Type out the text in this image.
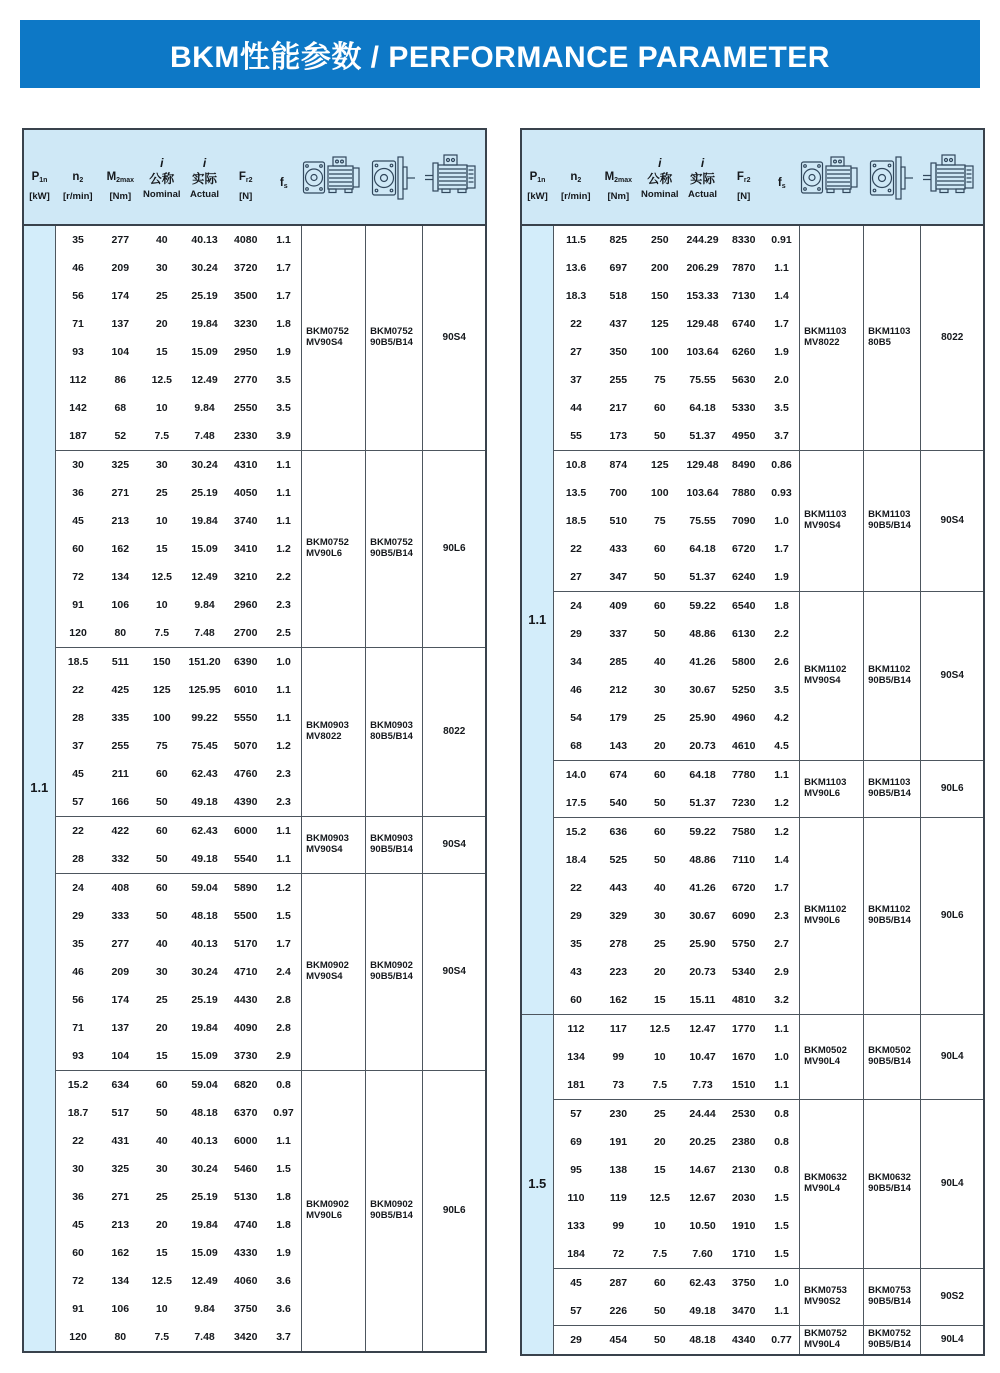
BKM性能参数 / PERFORMANCE PARAMETER
$P_{1n}$
[kW]

$n_2$
[r/min]

$M_{2max}$
[Nm]

i
公称
Nominal

i
实际
Actual

$F_{r2}$
[N]

$f_s$

1.1	35	277	40	40.13	4080	1.1	
BKM0752
MV90S4

BKM0752
90B5/B14	90S4
	46	209	30	30.24	3720	1.7			
	56	174	25	25.19	3500	1.7			
	71	137	20	19.84	3230	1.8			
	93	104	15	15.09	2950	1.9			
	112	86	12.5	12.49	2770	3.5			
	142	68	10	9.84	2550	3.5			
	187	52	7.5	7.48	2330	3.9			
30	325	30	30.24	4310	1.1	
BKM0752
MV90L6

BKM0752
90B5/B14	90L6
	36	271	25	25.19	4050	1.1			
	45	213	10	19.84	3740	1.1			
	60	162	15	15.09	3410	1.2			
	72	134	12.5	12.49	3210	2.2			
	91	106	10	9.84	2960	2.3			
	120	80	7.5	7.48	2700	2.5			
18.5	511	150	151.20	6390	1.0	
BKM0903
MV8022

BKM0903
80B5/B14	8022
	22	425	125	125.95	6010	1.1			
	28	335	100	99.22	5550	1.1			
	37	255	75	75.45	5070	1.2			
	45	211	60	62.43	4760	2.3			
	57	166	50	49.18	4390	2.3			
22	422	60	62.43	6000	1.1	
BKM0903
MV90S4

BKM0903
90B5/B14	90S4
	28	332	50	49.18	5540	1.1			
24	408	60	59.04	5890	1.2	
BKM0902
MV90S4

BKM0902
90B5/B14	90S4
	29	333	50	48.18	5500	1.5			
	35	277	40	40.13	5170	1.7			
	46	209	30	30.24	4710	2.4			
	56	174	25	25.19	4430	2.8			
	71	137	20	19.84	4090	2.8			
	93	104	15	15.09	3730	2.9			
15.2	634	60	59.04	6820	0.8	
BKM0902
MV90L6

BKM0902
90B5/B14	90L6
	18.7	517	50	48.18	6370	0.97			
	22	431	40	40.13	6000	1.1			
	30	325	30	30.24	5460	1.5			
	36	271	25	25.19	5130	1.8			
	45	213	20	19.84	4740	1.8			
	60	162	15	15.09	4330	1.9			
	72	134	12.5	12.49	4060	3.6			
	91	106	10	9.84	3750	3.6			
	120	80	7.5	7.48	3420	3.7			
$P_{1n}$
[kW]

$n_2$
[r/min]

$M_{2max}$
[Nm]

i
公称
Nominal

i
实际
Actual

$F_{r2}$
[N]

$f_s$

1.1	11.5	825	250	244.29	8330	0.91	
BKM1103
MV8022

BKM1103
80B5	8022
	13.6	697	200	206.29	7870	1.1			
	18.3	518	150	153.33	7130	1.4			
	22	437	125	129.48	6740	1.7			
	27	350	100	103.64	6260	1.9			
	37	255	75	75.55	5630	2.0			
	44	217	60	64.18	5330	3.5			
	55	173	50	51.37	4950	3.7			
10.8	874	125	129.48	8490	0.86	
BKM1103
MV90S4

BKM1103
90B5/B14	90S4
	13.5	700	100	103.64	7880	0.93			
	18.5	510	75	75.55	7090	1.0			
	22	433	60	64.18	6720	1.7			
	27	347	50	51.37	6240	1.9			
24	409	60	59.22	6540	1.8	
BKM1102
MV90S4

BKM1102
90B5/B14	90S4
	29	337	50	48.86	6130	2.2			
	34	285	40	41.26	5800	2.6			
	46	212	30	30.67	5250	3.5			
	54	179	25	25.90	4960	4.2			
	68	143	20	20.73	4610	4.5			
14.0	674	60	64.18	7780	1.1	
BKM1103
MV90L6

BKM1103
90B5/B14	90L6
	17.5	540	50	51.37	7230	1.2			
15.2	636	60	59.22	7580	1.2	
BKM1102
MV90L6

BKM1102
90B5/B14	90L6
	18.4	525	50	48.86	7110	1.4			
	22	443	40	41.26	6720	1.7			
	29	329	30	30.67	6090	2.3			
	35	278	25	25.90	5750	2.7			
	43	223	20	20.73	5340	2.9			
	60	162	15	15.11	4810	3.2			
1.5	112	117	12.5	12.47	1770	1.1	
BKM0502
MV90L4

BKM0502
90B5/B14	90L4
	134	99	10	10.47	1670	1.0			
	181	73	7.5	7.73	1510	1.1			
57	230	25	24.44	2530	0.8	
BKM0632
MV90L4

BKM0632
90B5/B14	90L4
	69	191	20	20.25	2380	0.8			
	95	138	15	14.67	2130	0.8			
	110	119	12.5	12.67	2030	1.5			
	133	99	10	10.50	1910	1.5			
	184	72	7.5	7.60	1710	1.5			
45	287	60	62.43	3750	1.0	
BKM0753
MV90S2

BKM0753
90B5/B14	90S2
	57	226	50	49.18	3470	1.1			
29	454	50	48.18	4340	0.77	
BKM0752
MV90L4

BKM0752
90B5/B14	90L4
